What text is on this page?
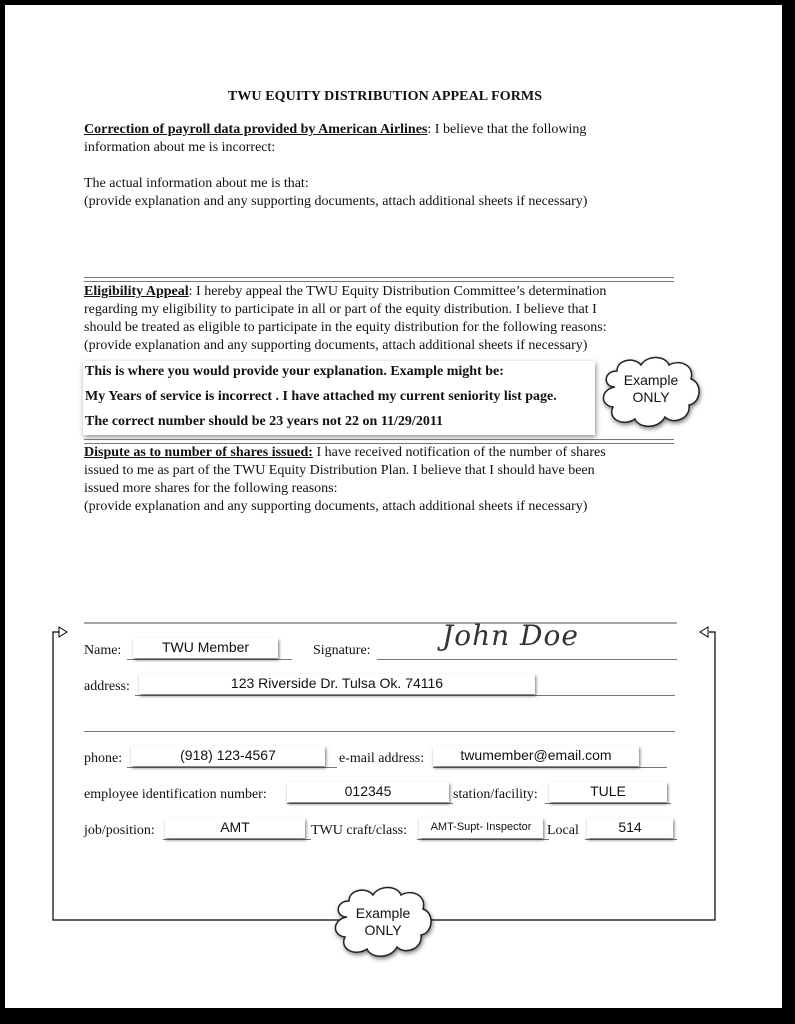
TWU EQUITY DISTRIBUTION APPEAL FORMS
Correction of payroll data provided by American Airlines: I believe that the following
information about me is incorrect:
The actual information about me is that:
(provide explanation and any supporting documents, attach additional sheets if necessary)
Eligibility Appeal: I hereby appeal the TWU Equity Distribution Committee’s determination
regarding my eligibility to participate in all or part of the equity distribution. I believe that I
should be treated as eligible to participate in the equity distribution for the following reasons:
(provide explanation and any supporting documents, attach additional sheets if necessary)
This is where you would provide your explanation. Example might be:
My Years of service is incorrect . I have attached my current seniority list page.
The correct number should be 23 years not 22 on 11/29/2011
Example
ONLY
Dispute as to number of shares issued: I have received notification of the number of shares
issued to me as part of the TWU Equity Distribution Plan. I believe that I should have been
issued more shares for the following reasons:
(provide explanation and any supporting documents, attach additional sheets if necessary)
Name:	TWU Member	Signature:	John Doe
address:	123 Riverside Dr. Tulsa Ok. 74116
phone:	(918) 123-4567	e-mail address:	twumember@email.com
employee identification number:	012345	station/facility:	TULE
job/position:	AMT	TWU craft/class:	AMT-Supt- Inspector	Local	514
Example
ONLY
